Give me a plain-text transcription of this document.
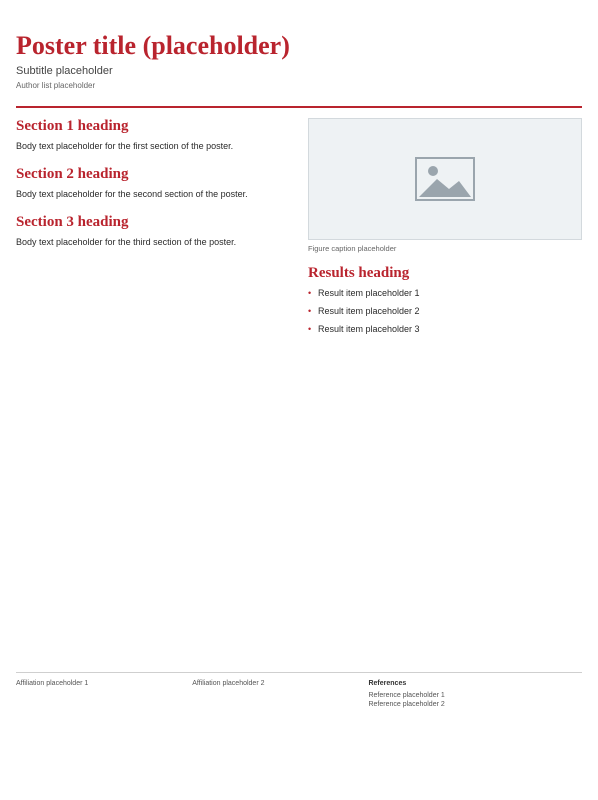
Poster title (placeholder)
Subtitle placeholder
Author list placeholder
Section 1 heading

Body text placeholder for the first section of the poster.

Section 2 heading

Body text placeholder for the second section of the poster.

Section 3 heading

Body text placeholder for the third section of the poster.

Figure caption placeholder
Results heading
• Result item placeholder 1
• Result item placeholder 2
• Result item placeholder 3
Affiliation placeholder 1	Affiliation placeholder 2	References
Reference placeholder 1
Reference placeholder 2
